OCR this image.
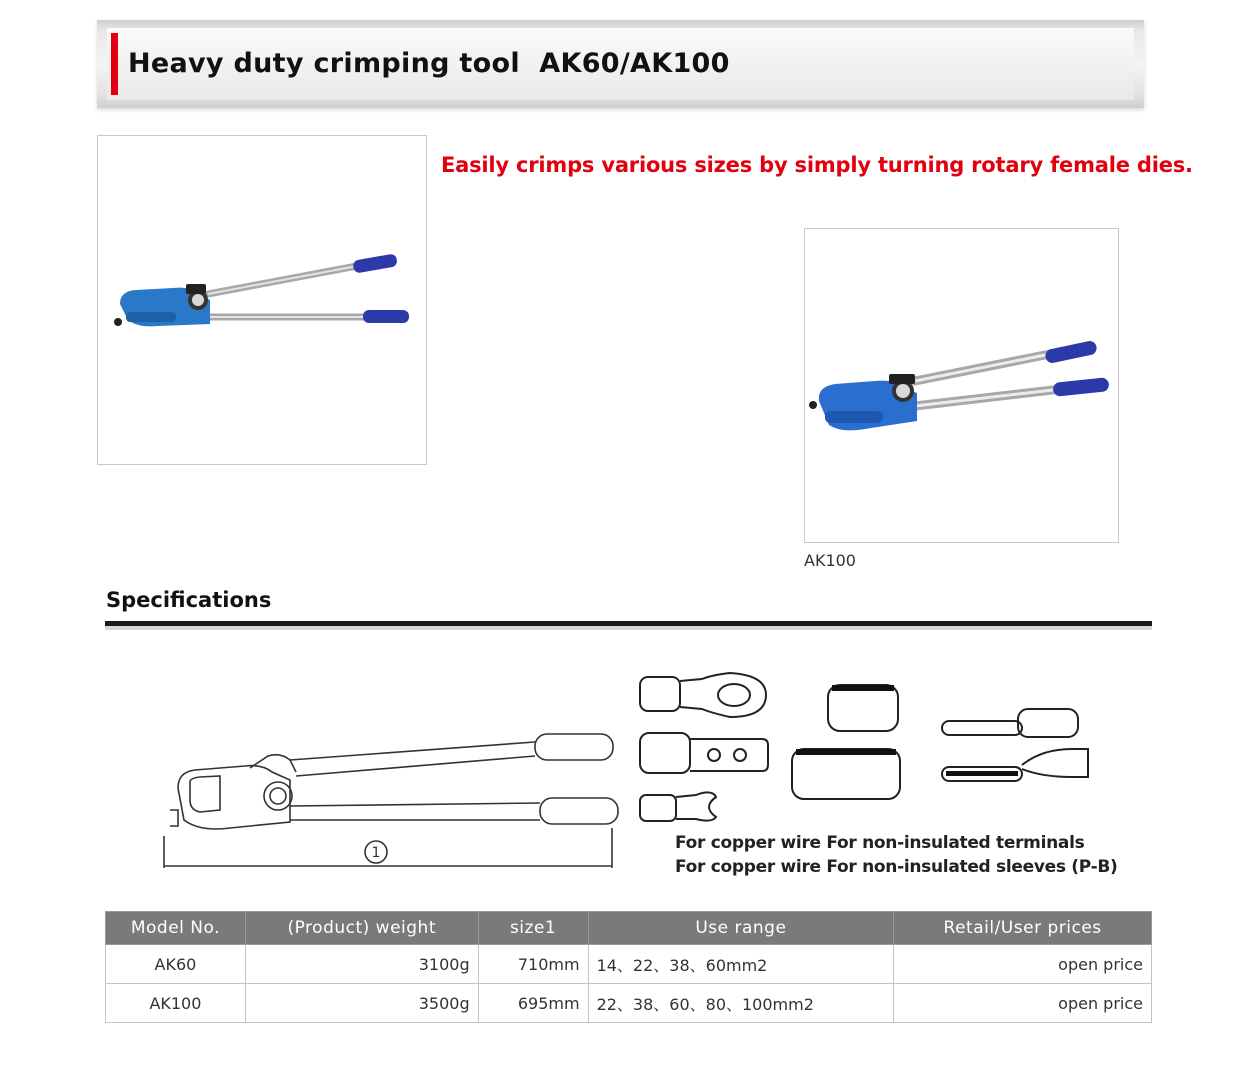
Heavy duty crimping tool  AK60/AK100
Easily crimps various sizes by simply turning rotary female dies.
AK100
Specifications
1	For copper wire For non-insulated terminals
For copper wire For non-insulated sleeves (P-B)
Model No.	(Product) weight	size1	Use range	Retail/User prices
AK60	3100g	710mm	14、22、38、60mm2	open price
AK100	3500g	695mm	22、38、60、80、100mm2	open price
